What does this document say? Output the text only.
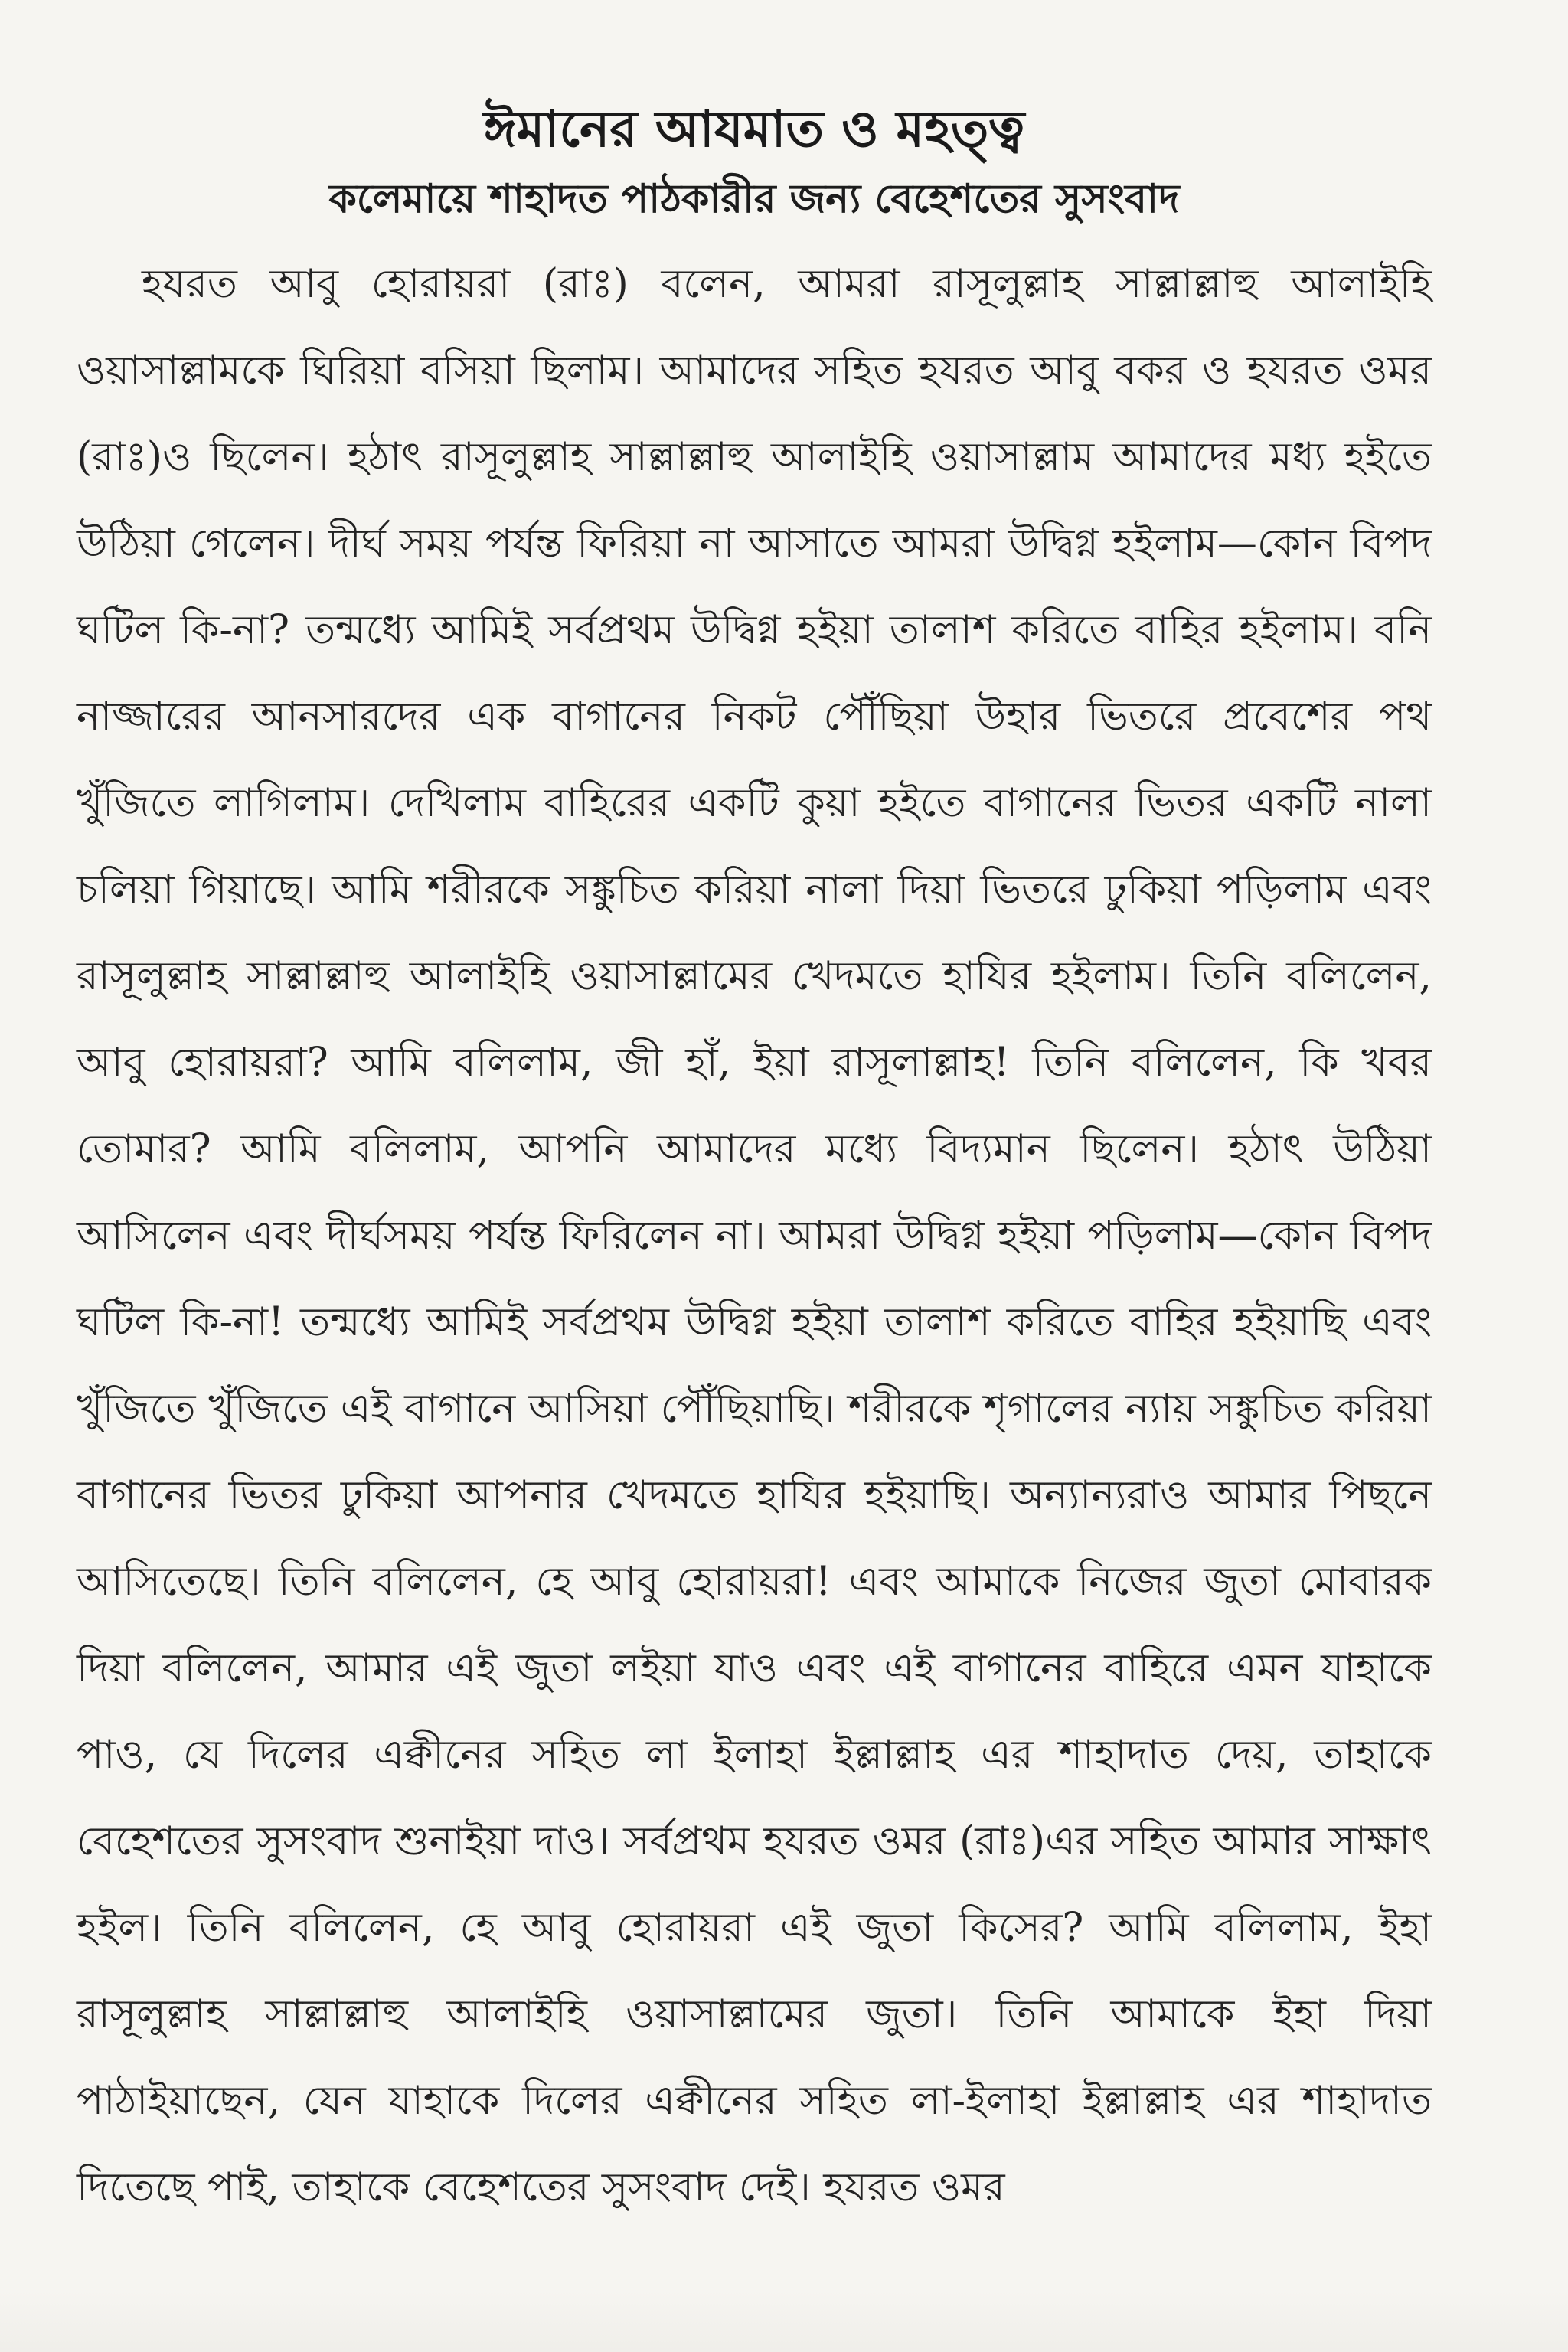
ঈমানের আযমাত ও মহত্ত্ব
কলেমায়ে শাহাদত পাঠকারীর জন্য বেহেশতের সুসংবাদ

হযরত আবু হোরায়রা (রাঃ) বলেন, আমরা রাসূলুল্লাহ সাল্লাল্লাহু আলাইহি ওয়াসাল্লামকে ঘিরিয়া বসিয়া ছিলাম। আমাদের সহিত হযরত আবু বকর ও হযরত ওমর (রাঃ)ও ছিলেন। হঠাৎ রাসূলুল্লাহ সাল্লাল্লাহু আলাইহি ওয়াসাল্লাম আমাদের মধ্য হইতে উঠিয়া গেলেন। দীর্ঘ সময় পর্যন্ত ফিরিয়া না আসাতে আমরা উদ্বিগ্ন হইলাম—কোন বিপদ ঘটিল কি-না? তন্মধ্যে আমিই সর্বপ্রথম উদ্বিগ্ন হইয়া তালাশ করিতে বাহির হইলাম। বনি নাজ্জারের আনসারদের এক বাগানের নিকট পৌঁছিয়া উহার ভিতরে প্রবেশের পথ খুঁজিতে লাগিলাম। দেখিলাম বাহিরের একটি কুয়া হইতে বাগানের ভিতর একটি নালা চলিয়া গিয়াছে। আমি শরীরকে সঙ্কুচিত করিয়া নালা দিয়া ভিতরে ঢুকিয়া পড়িলাম এবং রাসূলুল্লাহ সাল্লাল্লাহু আলাইহি ওয়াসাল্লামের খেদমতে হাযির হইলাম। তিনি বলিলেন, আবু হোরায়রা? আমি বলিলাম, জী হাঁ, ইয়া রাসূলাল্লাহ! তিনি বলিলেন, কি খবর তোমার? আমি বলিলাম, আপনি আমাদের মধ্যে বিদ্যমান ছিলেন। হঠাৎ উঠিয়া আসিলেন এবং দীর্ঘসময় পর্যন্ত ফিরিলেন না। আমরা উদ্বিগ্ন হইয়া পড়িলাম—কোন বিপদ ঘটিল কি-না! তন্মধ্যে আমিই সর্বপ্রথম উদ্বিগ্ন হইয়া তালাশ করিতে বাহির হইয়াছি এবং খুঁজিতে খুঁজিতে এই বাগানে আসিয়া পৌঁছিয়াছি। শরীরকে শৃগালের ন্যায় সঙ্কুচিত করিয়া বাগানের ভিতর ঢুকিয়া আপনার খেদমতে হাযির হইয়াছি। অন্যান্যরাও আমার পিছনে আসিতেছে। তিনি বলিলেন, হে আবু হোরায়রা! এবং আমাকে নিজের জুতা মোবারক দিয়া বলিলেন, আমার এই জুতা লইয়া যাও এবং এই বাগানের বাহিরে এমন যাহাকে পাও, যে দিলের এক্বীনের সহিত লা ইলাহা ইল্লাল্লাহ এর শাহাদাত দেয়, তাহাকে বেহেশতের সুসংবাদ শুনাইয়া দাও। সর্বপ্রথম হযরত ওমর (রাঃ)এর সহিত আমার সাক্ষাৎ হইল। তিনি বলিলেন, হে আবু হোরায়রা এই জুতা কিসের? আমি বলিলাম, ইহা রাসূলুল্লাহ সাল্লাল্লাহু আলাইহি ওয়াসাল্লামের জুতা। তিনি আমাকে ইহা দিয়া পাঠাইয়াছেন, যেন যাহাকে দিলের এক্বীনের সহিত লা-ইলাহা ইল্লাল্লাহ এর শাহাদাত দিতেছে পাই, তাহাকে বেহেশতের সুসংবাদ দেই। হযরত ওমর
